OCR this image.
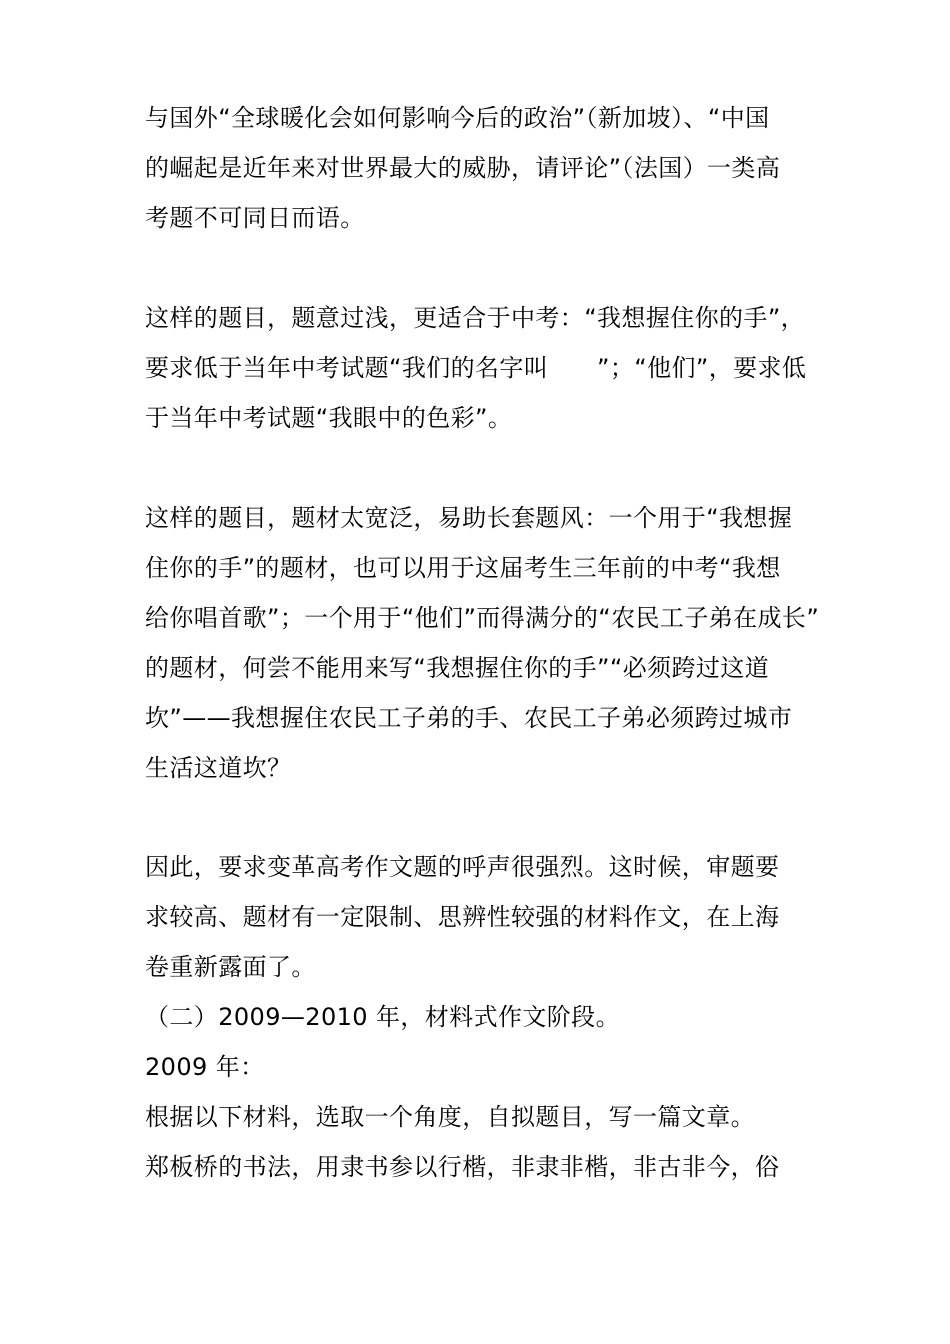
与国外“全球暖化会如何影响今后的政治”（新加坡）、“中国
的崛起是近年来对世界最大的威胁，请评论”（法国）一类高
考题不可同日而语。
这样的题目，题意过浅，更适合于中考：“我想握住你的手”，
要求低于当年中考试题“我们的名字叫　　”；“他们”，要求低
于当年中考试题“我眼中的色彩”。
这样的题目，题材太宽泛，易助长套题风：一个用于“我想握
住你的手”的题材，也可以用于这届考生三年前的中考“我想
给你唱首歌”；一个用于“他们”而得满分的“农民工子弟在成长”
的题材，何尝不能用来写“我想握住你的手”“必须跨过这道
坎”——我想握住农民工子弟的手、农民工子弟必须跨过城市
生活这道坎？
因此，要求变革高考作文题的呼声很强烈。这时候，审题要
求较高、题材有一定限制、思辨性较强的材料作文，在上海
卷重新露面了。
（二）2009—2010 年，材料式作文阶段。
2009 年：
根据以下材料，选取一个角度，自拟题目，写一篇文章。
郑板桥的书法，用隶书参以行楷，非隶非楷，非古非今，俗
